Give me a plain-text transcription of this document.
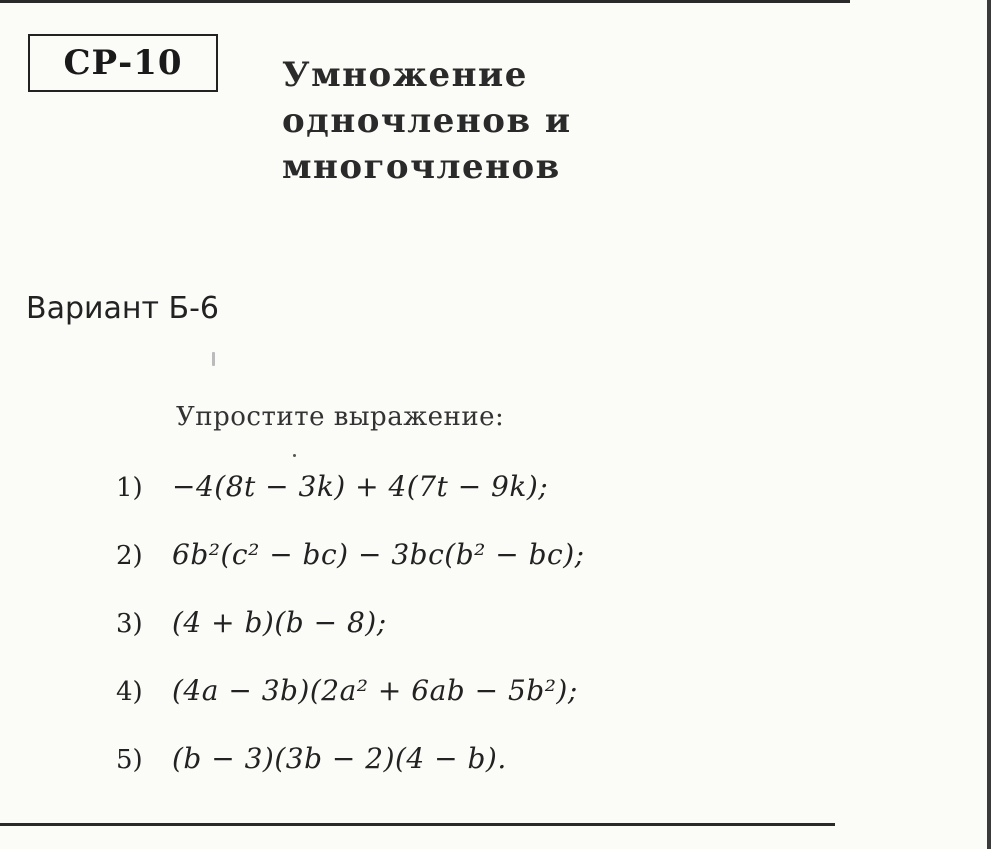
СР-10	Умножение
одночленов и
многочленов
Вариант Б-6
Упростите выражение:
1)	−4(8t − 3k) + 4(7t − 9k);
2)	6b²(c² − bc) − 3bc(b² − bc);
3)	(4 + b)(b − 8);
4)	(4a − 3b)(2a² + 6ab − 5b²);
5)	(b − 3)(3b − 2)(4 − b).
